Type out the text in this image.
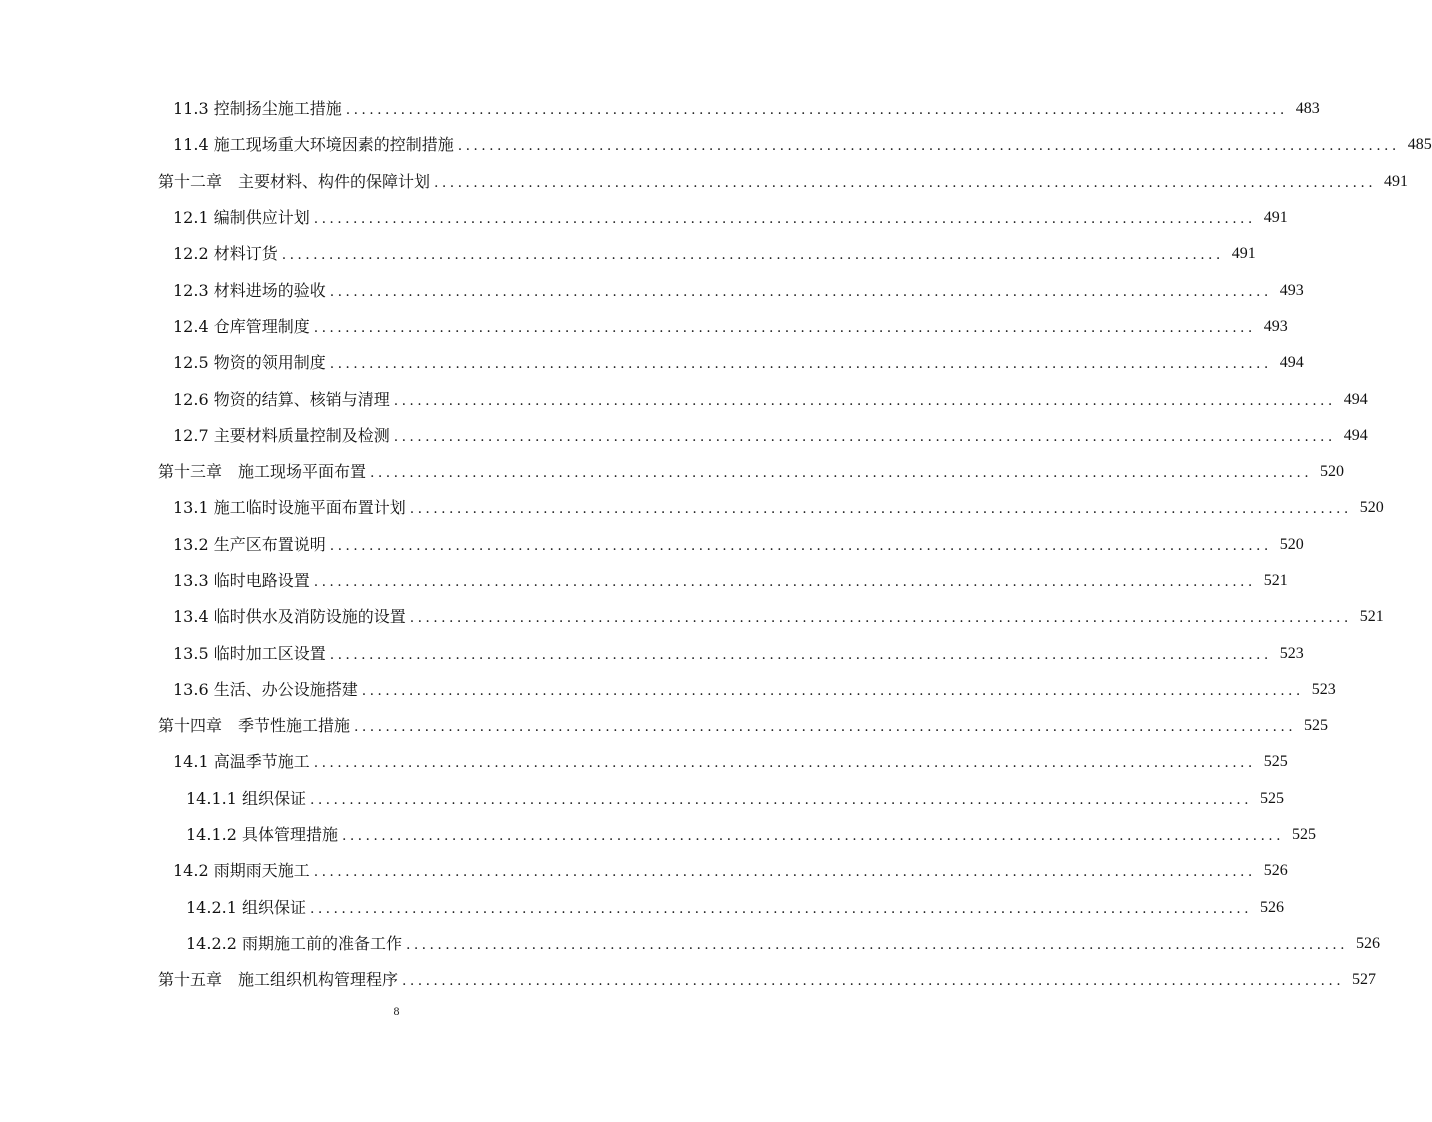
11.3 控制扬尘施工措施 ........................................................................................................................ 483
11.4 施工现场重大环境因素的控制措施 ........................................................................................................................ 485
第十二章　主要材料、构件的保障计划 ........................................................................................................................ 491
12.1 编制供应计划 ........................................................................................................................ 491
12.2 材料订货 ........................................................................................................................ 491
12.3 材料进场的验收 ........................................................................................................................ 493
12.4 仓库管理制度 ........................................................................................................................ 493
12.5 物资的领用制度 ........................................................................................................................ 494
12.6 物资的结算、核销与清理 ........................................................................................................................ 494
12.7 主要材料质量控制及检测 ........................................................................................................................ 494
第十三章　施工现场平面布置 ........................................................................................................................ 520
13.1 施工临时设施平面布置计划 ........................................................................................................................ 520
13.2 生产区布置说明 ........................................................................................................................ 520
13.3 临时电路设置 ........................................................................................................................ 521
13.4 临时供水及消防设施的设置 ........................................................................................................................ 521
13.5 临时加工区设置 ........................................................................................................................ 523
13.6 生活、办公设施搭建 ........................................................................................................................ 523
第十四章　季节性施工措施 ........................................................................................................................ 525
14.1 高温季节施工 ........................................................................................................................ 525
14.1.1 组织保证 ........................................................................................................................ 525
14.1.2 具体管理措施 ........................................................................................................................ 525
14.2 雨期雨天施工 ........................................................................................................................ 526
14.2.1 组织保证 ........................................................................................................................ 526
14.2.2 雨期施工前的准备工作 ........................................................................................................................ 526
第十五章　施工组织机构管理程序 ........................................................................................................................ 527
8
